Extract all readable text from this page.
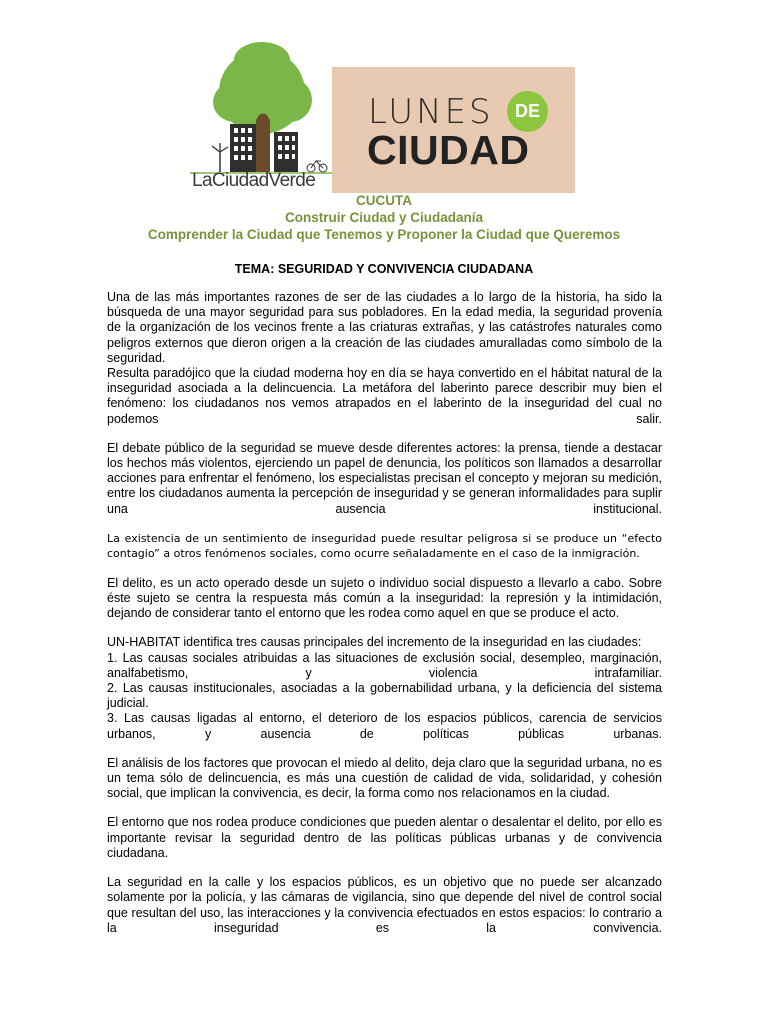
LaCiudadVerde
LUNES	DE
CIUDAD
CUCUTA
Construir Ciudad y Ciudadanía
Comprender la Ciudad que Tenemos y Proponer la Ciudad que Queremos
TEMA: SEGURIDAD Y CONVIVENCIA CIUDADANA

Una de las más importantes razones de ser de las ciudades a lo largo de la historia, ha sido la búsqueda de una mayor seguridad para sus pobladores. En la edad media, la seguridad provenía de la organización de los vecinos frente a las criaturas extrañas, y las catástrofes naturales como peligros externos que dieron origen a la creación de las ciudades amuralladas como símbolo de la seguridad.

Resulta paradójico que la ciudad moderna hoy en día se haya convertido en el hábitat natural de la inseguridad asociada a la delincuencia. La metáfora del laberinto parece describir muy bien el fenómeno: los ciudadanos nos vemos atrapados en el laberinto de la inseguridad del cual no podemos salir.

El debate público de la seguridad se mueve desde diferentes actores: la prensa, tiende a destacar los hechos más violentos, ejerciendo un papel de denuncia, los políticos son llamados a desarrollar acciones para enfrentar el fenómeno, los especialistas precisan el concepto y mejoran su medición, entre los ciudadanos aumenta la percepción de inseguridad y se generan informalidades para suplir una ausencia institucional.

La existencia de un sentimiento de inseguridad puede resultar peligrosa si se produce un “efecto contagio” a otros fenómenos sociales, como ocurre señaladamente en el caso de la inmigración.

El delito, es un acto operado desde un sujeto o individuo social dispuesto a llevarlo a cabo. Sobre éste sujeto se centra la respuesta más común a la inseguridad: la represión y la intimidación, dejando de considerar tanto el entorno que les rodea como aquel en que se produce el acto.

UN-HABITAT identifica tres causas principales del incremento de la inseguridad en las ciudades:

1. Las causas sociales atribuidas a las situaciones de exclusión social, desempleo, marginación, analfabetismo, y violencia intrafamiliar.

2. Las causas institucionales, asociadas a la gobernabilidad urbana, y la deficiencia del sistema judicial.

3. Las causas ligadas al entorno, el deterioro de los espacios públicos, carencia de servicios urbanos, y ausencia de políticas públicas urbanas.

El análisis de los factores que provocan el miedo al delito, deja claro que la seguridad urbana, no es un tema sólo de delincuencia, es más una cuestión de calidad de vida, solidaridad, y cohesión social, que implican la convivencia, es decir, la forma como nos relacionamos en la ciudad.

El entorno que nos rodea produce condiciones que pueden alentar o desalentar el delito, por ello es importante revisar la seguridad dentro de las políticas públicas urbanas y de convivencia ciudadana.

La seguridad en la calle y los espacios públicos, es un objetivo que no puede ser alcanzado solamente por la policía, y las cámaras de vigilancia, sino que depende del nivel de control social que resultan del uso, las interacciones y la convivencia efectuados en estos espacios: lo contrario a la inseguridad es la convivencia.
